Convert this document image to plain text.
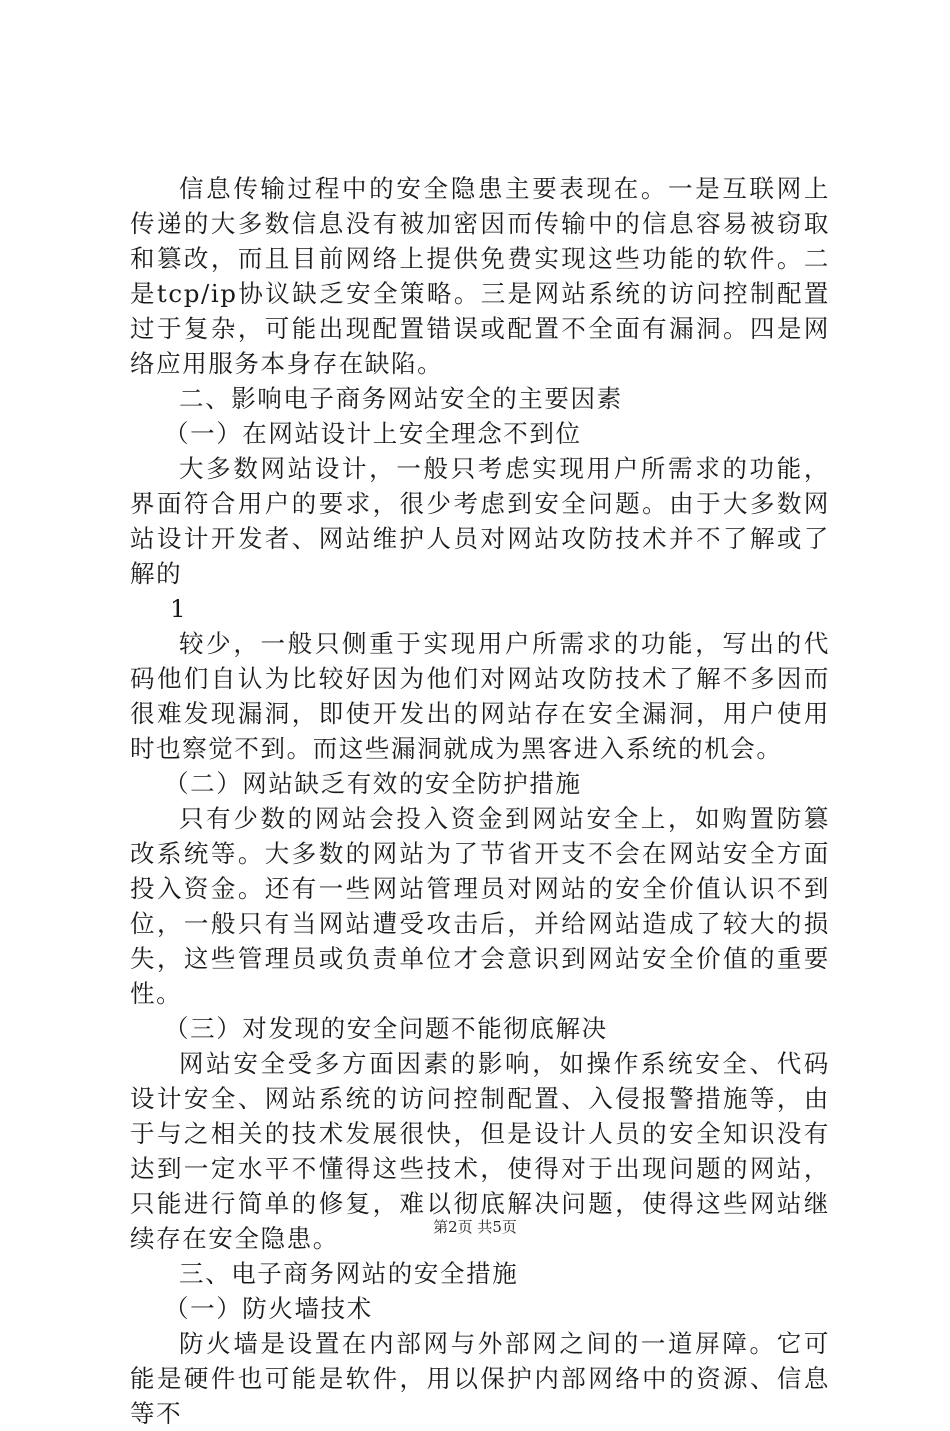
信息传输过程中的安全隐患主要表现在。一是互联网上传递的大多数信息没有被加密因而传输中的信息容易被窃取和篡改，而且目前网络上提供免费实现这些功能的软件。二是tcp/ip协议缺乏安全策略。三是网站系统的访问控制配置过于复杂，可能出现配置错误或配置不全面有漏洞。四是网络应用服务本身存在缺陷。

二、影响电子商务网站安全的主要因素

（一）在网站设计上安全理念不到位

大多数网站设计，一般只考虑实现用户所需求的功能，界面符合用户的要求，很少考虑到安全问题。由于大多数网站设计开发者、网站维护人员对网站攻防技术并不了解或了解的

1

较少，一般只侧重于实现用户所需求的功能，写出的代码他们自认为比较好因为他们对网站攻防技术了解不多因而很难发现漏洞，即使开发出的网站存在安全漏洞，用户使用时也察觉不到。而这些漏洞就成为黑客进入系统的机会。

（二）网站缺乏有效的安全防护措施

只有少数的网站会投入资金到网站安全上，如购置防篡改系统等。大多数的网站为了节省开支不会在网站安全方面投入资金。还有一些网站管理员对网站的安全价值认识不到位，一般只有当网站遭受攻击后，并给网站造成了较大的损失，这些管理员或负责单位才会意识到网站安全价值的重要性。

（三）对发现的安全问题不能彻底解决

网站安全受多方面因素的影响，如操作系统安全、代码设计安全、网站系统的访问控制配置、入侵报警措施等，由于与之相关的技术发展很快，但是设计人员的安全知识没有达到一定水平不懂得这些技术，使得对于出现问题的网站，只能进行简单的修复，难以彻底解决问题，使得这些网站继续存在安全隐患。

三、电子商务网站的安全措施

（一）防火墙技术

防火墙是设置在内部网与外部网之间的一道屏障。它可能是硬件也可能是软件，用以保护内部网络中的资源、信息等不

第2页 共5页
